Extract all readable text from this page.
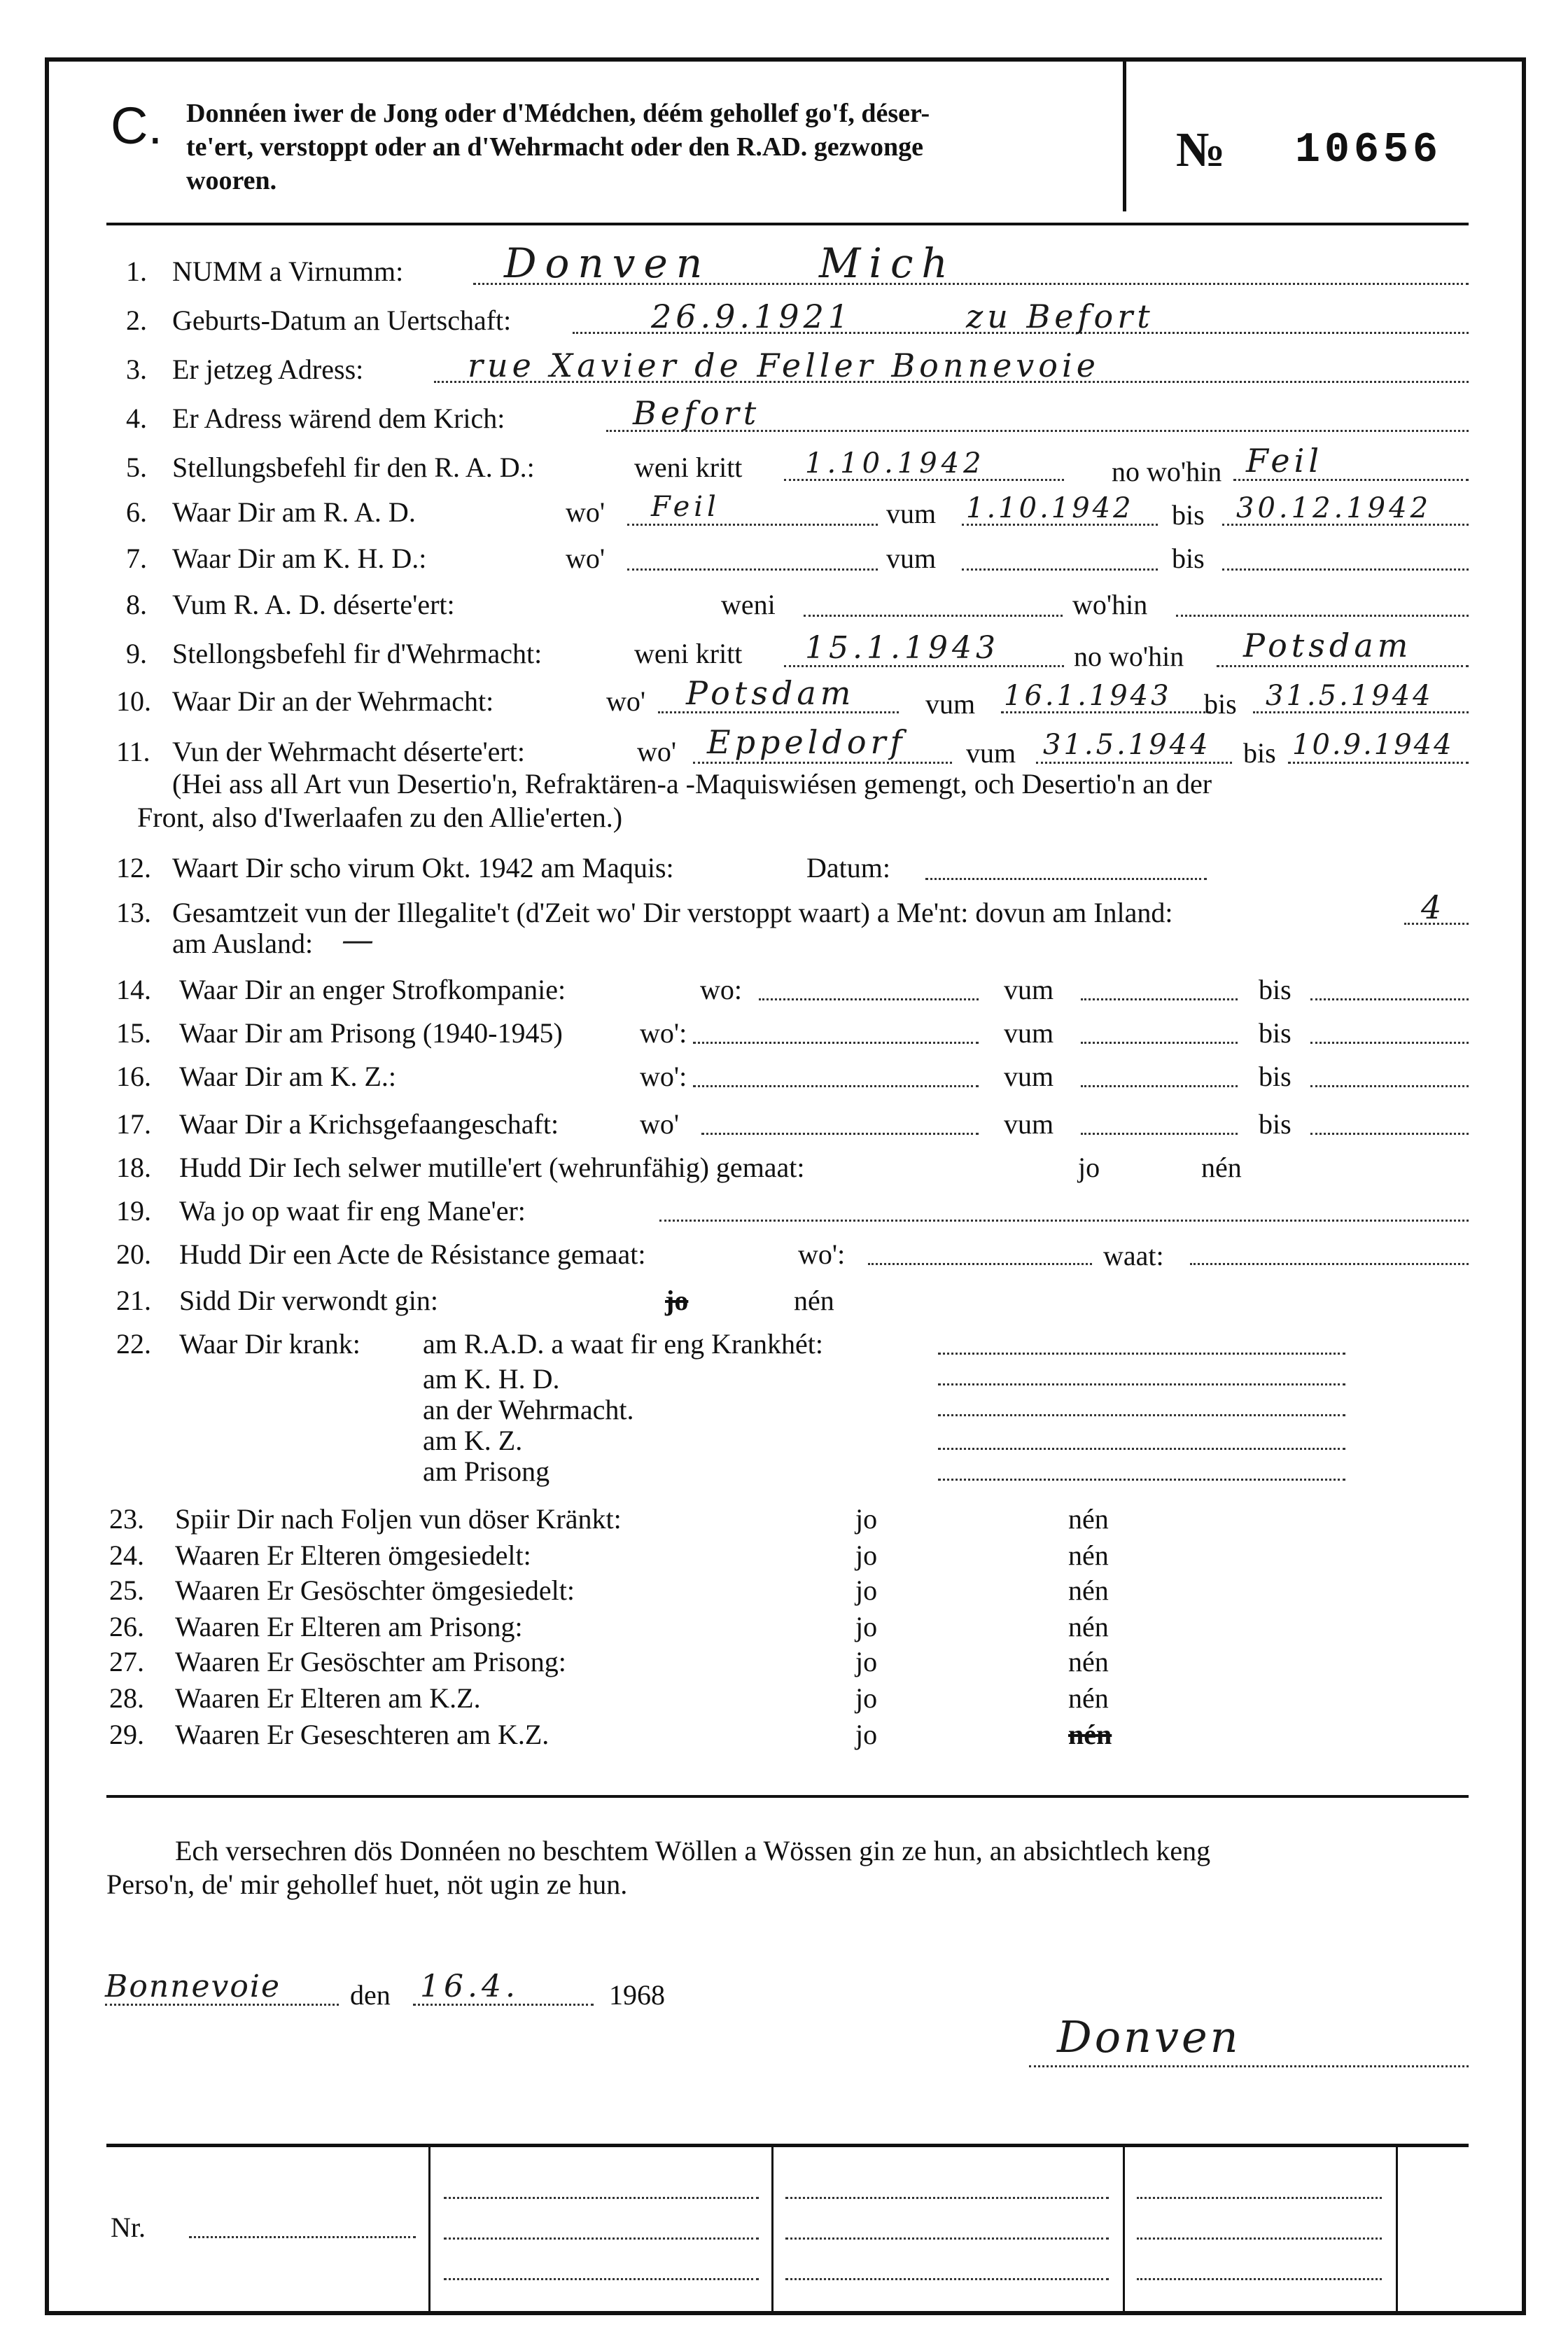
C. Donnéen iwer de Jong oder d'Médchen, déém gehollef go'f, déser-
te'ert, verstoppt oder an d'Wehrmacht oder den R.AD. gezwonge
wooren.
№ 10656
1. NUMM a Virnumm: Donven	Mich
2. Geburts-Datum an Uertschaft:	26.9.1921	zu Befort
3. Er jetzeg Adress:	rue Xavier de Feller Bonnevoie
4. Er Adress wärend dem Krich:	Befort
5. Stellungsbefehl fir den R. A. D.:	weni kritt 1.10.1942	no wo'hin Feil
6. Waar Dir am R. A. D.	wo' Feil	vum 1.10.1942 bis 30.12.1942
7. Waar Dir am K. H. D.:	wo'	vum	bis
8. Vum R. A. D. déserte'ert:	weni	wo'hin
9. Stellongsbefehl fir d'Wehrmacht:	weni kritt 15.1.1943	no wo'hin Potsdam
10. Waar Dir an der Wehrmacht:	wo' Potsdam	vum 16.1.1943 bis 31.5.1944
11. Vun der Wehrmacht déserte'ert:	wo' Eppeldorf vum 31.5.1944 bis 10.9.1944
(Hei ass all Art vun Desertio'n, Refraktären-a -Maquiswiésen gemengt, och Desertio'n an der
Front, also d'Iwerlaafen zu den Allie'erten.)
12. Waart Dir scho virum Okt. 1942 am Maquis:	Datum:
13. Gesamtzeit vun der Illegalite't (d'Zeit wo' Dir verstoppt waart) a Me'nt: dovun am Inland:	4
am Ausland: —
14. Waar Dir an enger Strofkompanie:	wo:	vum	bis
15. Waar Dir am Prisong (1940-1945)	wo':	vum	bis
16. Waar Dir am K. Z.:	wo':	vum	bis
17. Waar Dir a Krichsgefaangeschaft:	wo'	vum	bis
18. Hudd Dir Iech selwer mutille'ert (wehrunfähig) gemaat:	jo	nén
19. Wa jo op waat fir eng Mane'er:
20. Hudd Dir een Acte de Résistance gemaat:	wo':	waat:
21. Sidd Dir verwondt gin:	jo	nén
22. Waar Dir krank: am R.A.D. a waat fir eng Krankhét:
am K. H. D.
an der Wehrmacht.
am K. Z.
am Prisong
23. Spiir Dir nach Foljen vun döser Kränkt:	jo	nén
24. Waaren Er Elteren ömgesiedelt:	jo	nén
25. Waaren Er Gesöschter ömgesiedelt:	jo	nén
26. Waaren Er Elteren am Prisong:	jo	nén
27. Waaren Er Gesöschter am Prisong:	jo	nén
28. Waaren Er Elteren am K.Z.	jo	nén
29. Waaren Er Geseschteren am K.Z.	jo	nén
Ech versechren dös Donnéen no beschtem Wöllen a Wössen gin ze hun, an absichtlech keng
Perso'n, de' mir gehollef huet, nöt ugin ze hun.
Bonnevoie den 16.4.	1968
Donven
Nr.
